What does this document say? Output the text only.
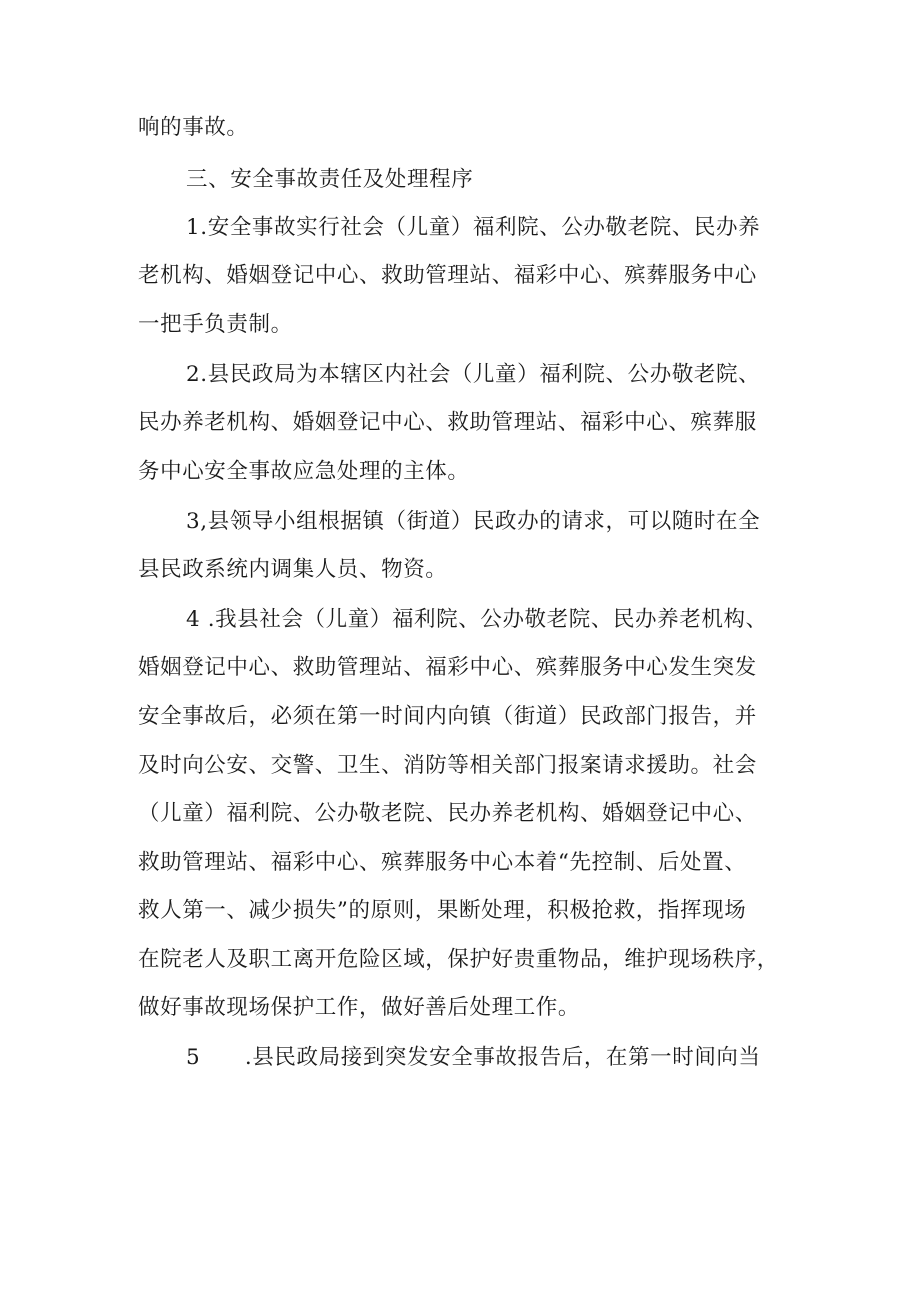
响的事故。
三、安全事故责任及处理程序
1.安全事故实行社会（儿童）福利院、公办敬老院、民办养
老机构、婚姻登记中心、救助管理站、福彩中心、殡葬服务中心
一把手负责制。
2.县民政局为本辖区内社会（儿童）福利院、公办敬老院、
民办养老机构、婚姻登记中心、救助管理站、福彩中心、殡葬服
务中心安全事故应急处理的主体。
3,县领导小组根据镇（街道）民政办的请求，可以随时在全
县民政系统内调集人员、物资。
4 .我县社会（儿童）福利院、公办敬老院、民办养老机构、
婚姻登记中心、救助管理站、福彩中心、殡葬服务中心发生突发
安全事故后，必须在第一时间内向镇（街道）民政部门报告，并
及时向公安、交警、卫生、消防等相关部门报案请求援助。社会
（儿童）福利院、公办敬老院、民办养老机构、婚姻登记中心、
救助管理站、福彩中心、殡葬服务中心本着“先控制、后处置、
救人第一、减少损失”的原则，果断处理，积极抢救，指挥现场
在院老人及职工离开危险区域，保护好贵重物品，维护现场秩序，
做好事故现场保护工作，做好善后处理工作。
5      .县民政局接到突发安全事故报告后，在第一时间向当
